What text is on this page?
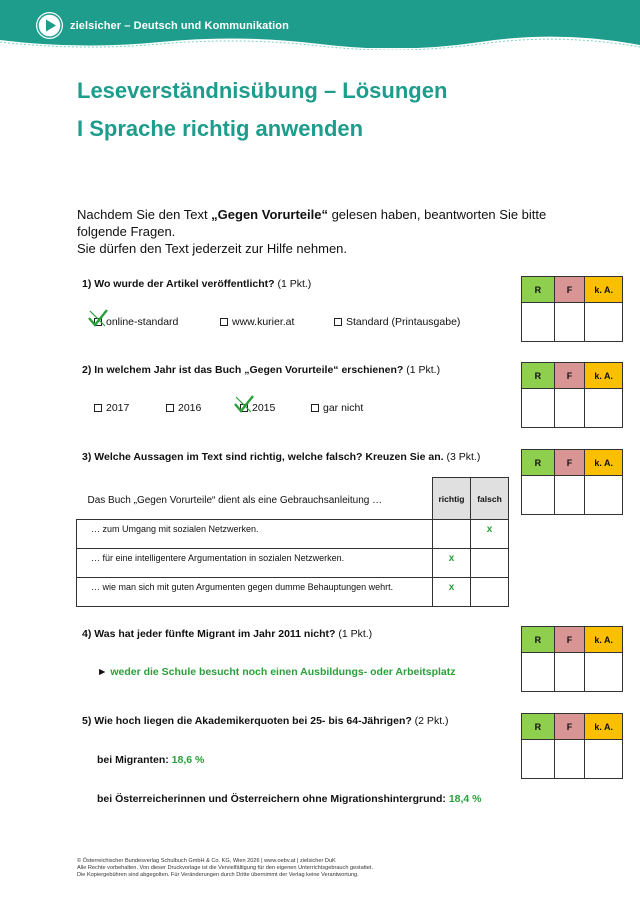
zielsicher – Deutsch und Kommunikation
Leseverständnisübung – Lösungen
I Sprache richtig anwenden
Nachdem Sie den Text „Gegen Vorurteile“ gelesen haben, beantworten Sie bitte
folgende Fragen.
Sie dürfen den Text jederzeit zur Hilfe nehmen.
1) Wo wurde der Artikel veröffentlicht? (1 Pkt.)
online-standard	www.kurier.at	Standard (Printausgabe)
R	F	k. A.

2) In welchem Jahr ist das Buch „Gegen Vorurteile“ erschienen? (1 Pkt.)
2017	2016	2015	gar nicht
R	F	k. A.

3) Welche Aussagen im Text sind richtig, welche falsch? Kreuzen Sie an. (3 Pkt.)
Das Buch „Gegen Vorurteile“ dient als eine Gebrauchsanleitung …	richtig	falsch
… zum Umgang mit sozialen Netzwerken.		x
… für eine intelligentere Argumentation in sozialen Netzwerken.	x	
… wie man sich mit guten Argumenten gegen dumme Behauptungen wehrt.	x	
R	F	k. A.

4) Was hat jeder fünfte Migrant im Jahr 2011 nicht? (1 Pkt.)
► weder die Schule besucht noch einen Ausbildungs- oder Arbeitsplatz
R	F	k. A.

5) Wie hoch liegen die Akademikerquoten bei 25- bis 64-Jährigen? (2 Pkt.)
bei Migranten: 18,6 %
bei Österreicherinnen und Österreichern ohne Migrationshintergrund: 18,4 %
R	F	k. A.

© Österreichischer Bundesverlag Schulbuch GmbH & Co. KG, Wien 2026 | www.oebv.at | zielsicher DuK
Alle Rechte vorbehalten. Von dieser Druckvorlage ist die Vervielfältigung für den eigenen Unterrichtsgebrauch gestattet.
Die Kopiergebühren sind abgegolten. Für Veränderungen durch Dritte übernimmt der Verlag keine Verantwortung.
